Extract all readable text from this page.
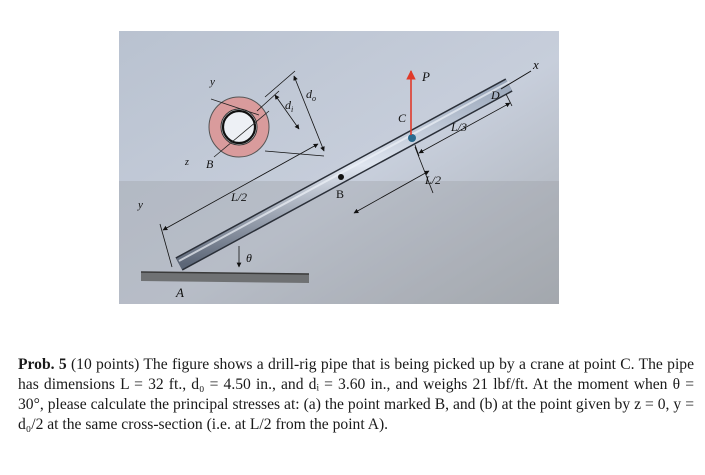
B
P
C
x
D
L/3
L/2
L/2
θ
A
y
y
z B
$d_i$
$d_o$
Prob. 5 (10 points) The figure shows a drill-rig pipe that is being picked up by a crane at point C. The pipe has dimensions L = 32 ft., d₀ = 4.50 in., and dᵢ = 3.60 in., and weighs 21 lbf/ft. At the moment when θ = 30°, please calculate the principal stresses at: (a) the point marked B, and (b) at the point given by z = 0, y = d₀/2 at the same cross-section (i.e. at L/2 from the point A).
